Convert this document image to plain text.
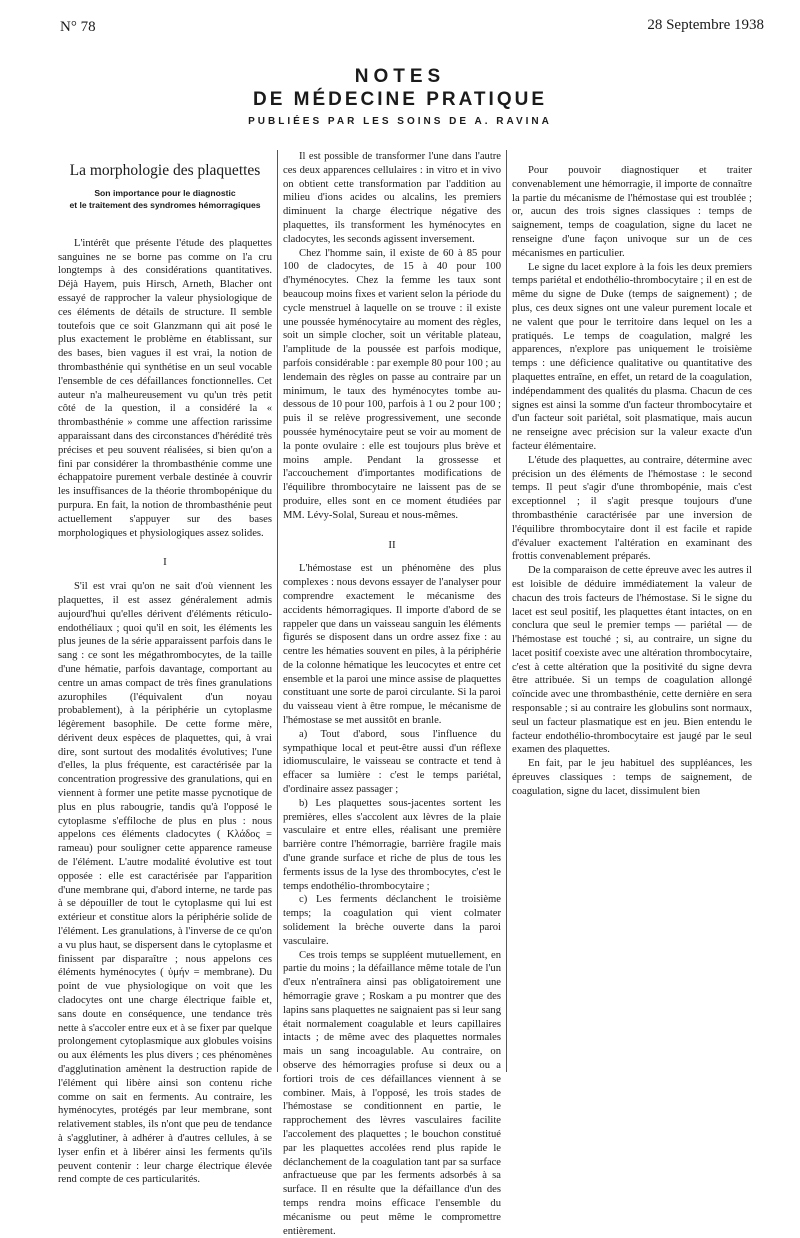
N° 78	28 Septembre 1938
NOTES
DE MÉDECINE PRATIQUE
PUBLIÉES PAR LES SOINS DE A. RAVINA
La morphologie des plaquettes
Son importance pour le diagnostic
et le traitement des syndromes hémorragiques

L'intérêt que présente l'étude des plaquettes sanguines ne se borne pas comme on l'a cru longtemps à des considérations quantitatives. Déjà Hayem, puis Hirsch, Arneth, Blacher ont essayé de rapprocher la valeur physiologique de ces éléments de détails de structure. Il semble toutefois que ce soit Glanzmann qui ait posé le plus exactement le problème en établissant, sur des bases, bien vagues il est vrai, la notion de thrombasthénie qui synthétise en un seul vocable l'ensemble de ces défaillances fonctionnelles. Cet auteur n'a malheureusement vu qu'un très petit côté de la question, il a considéré la « thrombasthénie » comme une affection rarissime apparaissant dans des circonstances d'hérédité très précises et peu souvent réalisées, si bien qu'on a fini par considérer la thrombasthénie comme une échappatoire purement verbale destinée à couvrir les insuffisances de la théorie thrombopénique du purpura. En fait, la notion de thrombasthénie peut actuellement s'appuyer sur des bases morphologiques et physiologiques assez solides.

I

S'il est vrai qu'on ne sait d'où viennent les plaquettes, il est assez généralement admis aujourd'hui qu'elles dérivent d'éléments réticulo-endothéliaux ; quoi qu'il en soit, les éléments les plus jeunes de la série apparaissent parfois dans le sang : ce sont les mégathrombocytes, de la taille d'une hématie, parfois davantage, comportant au centre un amas compact de très fines granulations azurophiles (l'équivalent d'un noyau probablement), à la périphérie un cytoplasme légèrement basophile. De cette forme mère, dérivent deux espèces de plaquettes, qui, à vrai dire, sont surtout des modalités évolutives; l'une d'elles, la plus fréquente, est caractérisée par la concentration progressive des granulations, qui en viennent à former une petite masse pycnotique de plus en plus rabougrie, tandis qu'à l'opposé le cytoplasme s'effiloche de plus en plus : nous appelons ces éléments cladocytes ( Κλάδος = rameau) pour souligner cette apparence rameuse de l'élément. L'autre modalité évolutive est tout opposée : elle est caractérisée par l'apparition d'une membrane qui, d'abord interne, ne tarde pas à se dépouiller de tout le cytoplasme qui lui est extérieur et constitue alors la périphérie solide de l'élément. Les granulations, à l'inverse de ce qu'on a vu plus haut, se dispersent dans le cytoplasme et finissent par disparaître ; nous appelons ces éléments hyménocytes ( ὑμήν = membrane). Du point de vue physiologique on voit que les cladocytes ont une charge électrique faible et, sans doute en conséquence, une tendance très nette à s'accoler entre eux et à se fixer par quelque prolongement cytoplasmique aux globules voisins ou aux éléments les plus divers ; ces phénomènes d'agglutination amènent la destruction rapide de l'élément qui libère ainsi son contenu riche comme on sait en ferments. Au contraire, les hyménocytes, protégés par leur membrane, sont relativement stables, ils n'ont que peu de tendance à s'agglutiner, à adhérer à d'autres cellules, à se lyser enfin et à libérer ainsi les ferments qu'ils peuvent contenir : leur charge électrique élevée rend compte de ces particularités.

Il est possible de transformer l'une dans l'autre ces deux apparences cellulaires : in vitro et in vivo on obtient cette transformation par l'addition au milieu d'ions acides ou alcalins, les premiers diminuent la charge électrique négative des plaquettes, ils transforment les hyménocytes en cladocytes, les seconds agissent inversement.

Chez l'homme sain, il existe de 60 à 85 pour 100 de cladocytes, de 15 à 40 pour 100 d'hyménocytes. Chez la femme les taux sont beaucoup moins fixes et varient selon la période du cycle menstruel à laquelle on se trouve : il existe une poussée hyménocytaire au moment des règles, soit un simple clocher, soit un véritable plateau, l'amplitude de la poussée est parfois modique, parfois considérable : par exemple 80 pour 100 ; au lendemain des règles on passe au contraire par un minimum, le taux des hyménocytes tombe au-dessous de 10 pour 100, parfois à 1 ou 2 pour 100 ; puis il se relève progressivement, une seconde poussée hyménocytaire peut se voir au moment de la ponte ovulaire : elle est toujours plus brève et moins ample. Pendant la grossesse et l'accouchement d'importantes modifications de l'équilibre thrombocytaire ne laissent pas de se produire, elles sont en ce moment étudiées par MM. Lévy-Solal, Sureau et nous-mêmes.

II

L'hémostase est un phénomène des plus complexes : nous devons essayer de l'analyser pour comprendre exactement le mécanisme des accidents hémorragiques. Il importe d'abord de se rappeler que dans un vaisseau sanguin les éléments figurés se disposent dans un ordre assez fixe : au centre les hématies souvent en piles, à la périphérie de la colonne hématique les leucocytes et entre cet ensemble et la paroi une mince assise de plaquettes constituant une sorte de paroi circulante. Si la paroi du vaisseau vient à être rompue, le mécanisme de l'hémostase se met aussitôt en branle.

a) Tout d'abord, sous l'influence du sympathique local et peut-être aussi d'un réflexe idiomusculaire, le vaisseau se contracte et tend à effacer sa lumière : c'est le temps pariétal, d'ordinaire assez passager ;

b) Les plaquettes sous-jacentes sortent les premières, elles s'accolent aux lèvres de la plaie vasculaire et entre elles, réalisant une première barrière contre l'hémorragie, barrière fragile mais d'une grande surface et riche de plus de tous les ferments issus de la lyse des thrombocytes, c'est le temps endothélio-thrombocytaire ;

c) Les ferments déclanchent le troisième temps; la coagulation qui vient colmater solidement la brèche ouverte dans la paroi vasculaire.

Ces trois temps se suppléent mutuellement, en partie du moins ; la défaillance même totale de l'un d'eux n'entraînera ainsi pas obligatoirement une hémorragie grave ; Roskam a pu montrer que des lapins sans plaquettes ne saignaient pas si leur sang était normalement coagulable et leurs capillaires intacts ; de même avec des plaquettes normales mais un sang incoagulable. Au contraire, on observe des hémorragies profuse si deux ou a fortiori trois de ces défaillances viennent à se combiner. Mais, à l'opposé, les trois stades de l'hémostase se conditionnent en partie, le rapprochement des lèvres vasculaires facilite l'accolement des plaquettes ; le bouchon constitué par les plaquettes accolées rend plus rapide le déclanchement de la coagulation tant par sa surface anfractueuse que par les ferments adsorbés à sa surface. Il en résulte que la défaillance d'un des temps rendra moins efficace l'ensemble du mécanisme ou peut même le compromettre entièrement.

Pour pouvoir diagnostiquer et traiter convenablement une hémorragie, il importe de connaître la partie du mécanisme de l'hémostase qui est troublée ; or, aucun des trois signes classiques : temps de saignement, temps de coagulation, signe du lacet ne renseigne d'une façon univoque sur un de ces mécanismes en particulier.

Le signe du lacet explore à la fois les deux premiers temps pariétal et endothélio-thrombocytaire ; il en est de même du signe de Duke (temps de saignement) ; de plus, ces deux signes ont une valeur purement locale et ne valent que pour le territoire dans lequel on les a pratiqués. Le temps de coagulation, malgré les apparences, n'explore pas uniquement le troisième temps : une déficience qualitative ou quantitative des plaquettes entraîne, en effet, un retard de la coagulation, indépendamment des qualités du plasma. Chacun de ces signes est ainsi la somme d'un facteur thrombocytaire et d'un facteur soit pariétal, soit plasmatique, mais aucun ne renseigne avec précision sur la valeur exacte d'un facteur élémentaire.

L'étude des plaquettes, au contraire, détermine avec précision un des éléments de l'hémostase : le second temps. Il peut s'agir d'une thrombopénie, mais c'est exceptionnel ; il s'agit presque toujours d'une thrombasthénie caractérisée par une inversion de l'équilibre thrombocytaire dont il est facile et rapide d'évaluer exactement l'altération en examinant des frottis convenablement préparés.

De la comparaison de cette épreuve avec les autres il est loisible de déduire immédiatement la valeur de chacun des trois facteurs de l'hémostase. Si le signe du lacet est seul positif, les plaquettes étant intactes, on en conclura que seul le premier temps — pariétal — de l'hémostase est touché ; si, au contraire, un signe du lacet positif coexiste avec une altération thrombocytaire, c'est à cette altération que la positivité du signe devra être attribuée. Si un temps de coagulation allongé coïncide avec une thrombasthénie, cette dernière en sera responsable ; si au contraire les globulins sont normaux, seul un facteur plasmatique est en jeu. Bien entendu le facteur endothélio-thrombocytaire est jaugé par le seul examen des plaquettes.

En fait, par le jeu habituel des suppléances, les épreuves classiques : temps de saignement, de coagulation, signe du lacet, dissimulent bien
